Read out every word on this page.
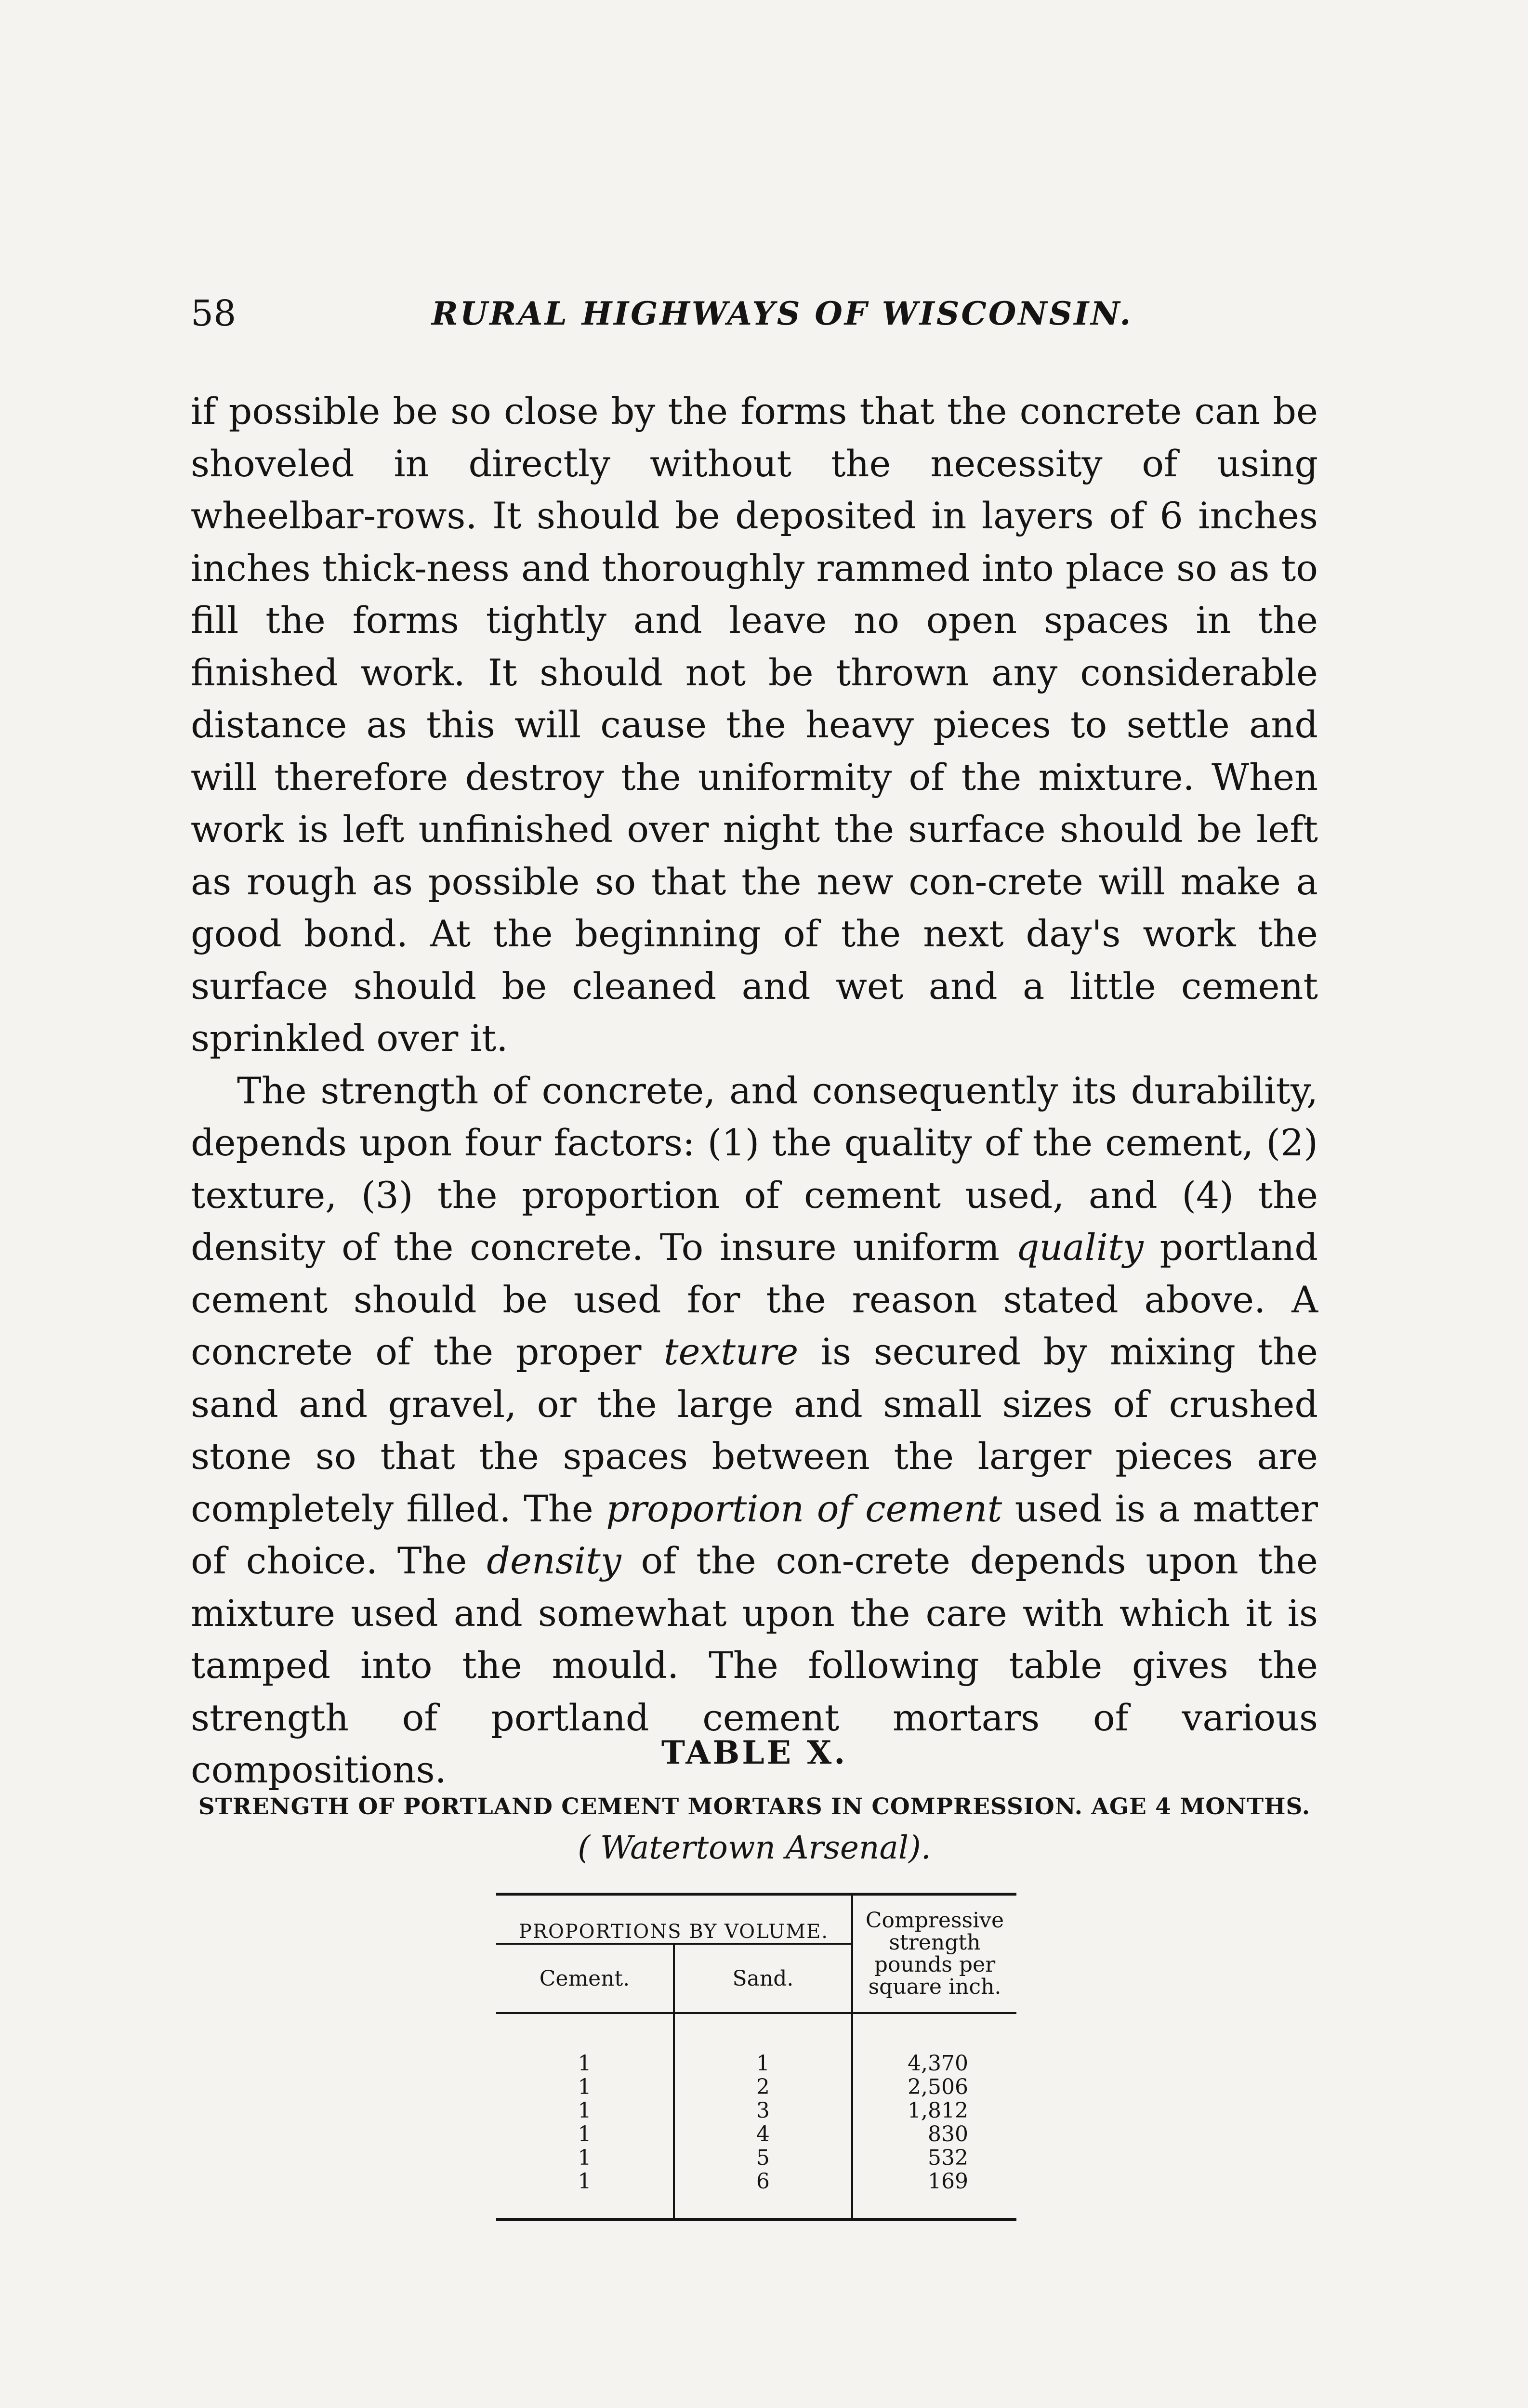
58	RURAL HIGHWAYS OF WISCONSIN.

if possible be so close by the forms that the concrete can be shoveled in directly without the necessity of using wheelbar-rows. It should be deposited in layers of 6 inches inches thick-ness and thoroughly rammed into place so as to fill the forms tightly and leave no open spaces in the finished work. It should not be thrown any considerable distance as this will cause the heavy pieces to settle and will therefore destroy the uniformity of the mixture. When work is left unfinished over night the surface should be left as rough as possible so that the new con-crete will make a good bond. At the beginning of the next day's work the surface should be cleaned and wet and a little cement sprinkled over it.

The strength of concrete, and consequently its durability, depends upon four factors: (1) the quality of the cement, (2) texture, (3) the proportion of cement used, and (4) the density of the concrete. To insure uniform quality portland cement should be used for the reason stated above. A concrete of the proper texture is secured by mixing the sand and gravel, or the large and small sizes of crushed stone so that the spaces between the larger pieces are completely filled. The proportion of cement used is a matter of choice. The density of the con-crete depends upon the mixture used and somewhat upon the care with which it is tamped into the mould. The following table gives the strength of portland cement mortars of various compositions.	TABLE X.
STRENGTH OF PORTLAND CEMENT MORTARS IN COMPRESSION. AGE 4 MONTHS.
( Watertown Arsenal).
PROPORTIONS BY VOLUME.		Compressive
strength
pounds per
square inch.

Cement.	Sand.	

1	1	4,370
1	2	2,506
1	3	1,812
1	4	830
1	5	532
1	6	169
